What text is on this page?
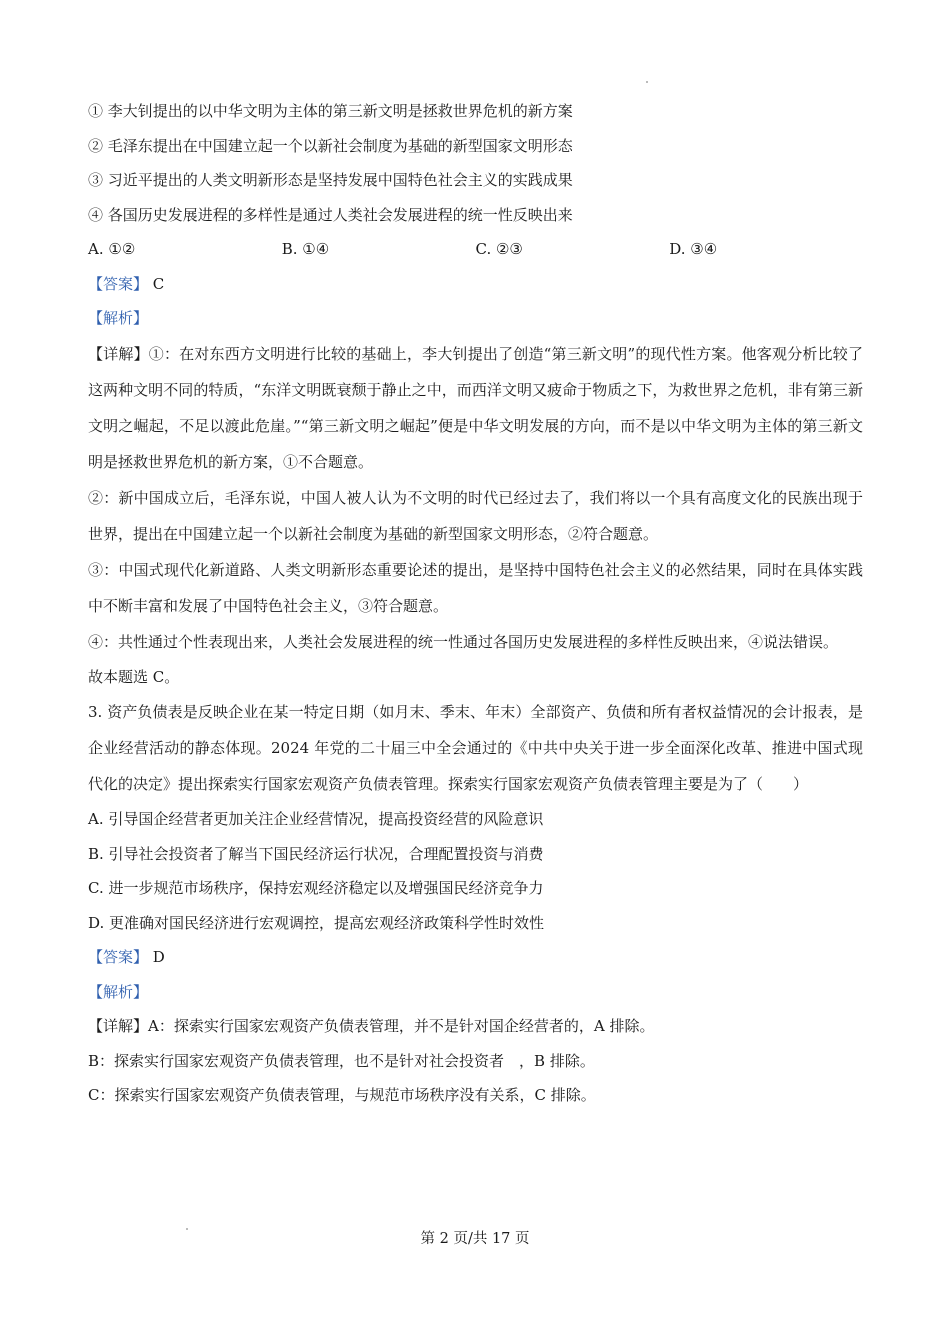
① 李大钊提出的以中华文明为主体的第三新文明是拯救世界危机的新方案
② 毛泽东提出在中国建立起一个以新社会制度为基础的新型国家文明形态
③ 习近平提出的人类文明新形态是坚持发展中国特色社会主义的实践成果
④ 各国历史发展进程的多样性是通过人类社会发展进程的统一性反映出来
A. ①②	B. ①④	C. ②③	D. ③④
【答案】 C
【解析】
【详解】①：在对东西方文明进行比较的基础上，李大钊提出了创造“第三新文明”的现代性方案。他客观分析比较了这两种文明不同的特质，“东洋文明既衰颓于静止之中，而西洋文明又疲命于物质之下，为救世界之危机，非有第三新文明之崛起，不足以渡此危崖。”“第三新文明之崛起”便是中华文明发展的方向，而不是以中华文明为主体的第三新文明是拯救世界危机的新方案，①不合题意。
②：新中国成立后，毛泽东说，中国人被人认为不文明的时代已经过去了，我们将以一个具有高度文化的民族出现于世界，提出在中国建立起一个以新社会制度为基础的新型国家文明形态，②符合题意。
③：中国式现代化新道路、人类文明新形态重要论述的提出，是坚持中国特色社会主义的必然结果，同时在具体实践中不断丰富和发展了中国特色社会主义，③符合题意。
④：共性通过个性表现出来，人类社会发展进程的统一性通过各国历史发展进程的多样性反映出来，④说法错误。
故本题选 C。
3. 资产负债表是反映企业在某一特定日期（如月末、季末、年末）全部资产、负债和所有者权益情况的会计报表，是企业经营活动的静态体现。2024 年党的二十届三中全会通过的《中共中央关于进一步全面深化改革、推进中国式现代化的决定》提出探索实行国家宏观资产负债表管理。探索实行国家宏观资产负债表管理主要是为了（　　）
A. 引导国企经营者更加关注企业经营情况，提高投资经营的风险意识
B. 引导社会投资者了解当下国民经济运行状况，合理配置投资与消费
C. 进一步规范市场秩序，保持宏观经济稳定以及增强国民经济竞争力
D. 更准确对国民经济进行宏观调控，提高宏观经济政策科学性时效性
【答案】 D
【解析】
【详解】A：探索实行国家宏观资产负债表管理，并不是针对国企经营者的，A 排除。
B：探索实行国家宏观资产负债表管理，也不是针对社会投资者　，B 排除。
C：探索实行国家宏观资产负债表管理，与规范市场秩序没有关系，C 排除。
第 2 页/共 17 页
